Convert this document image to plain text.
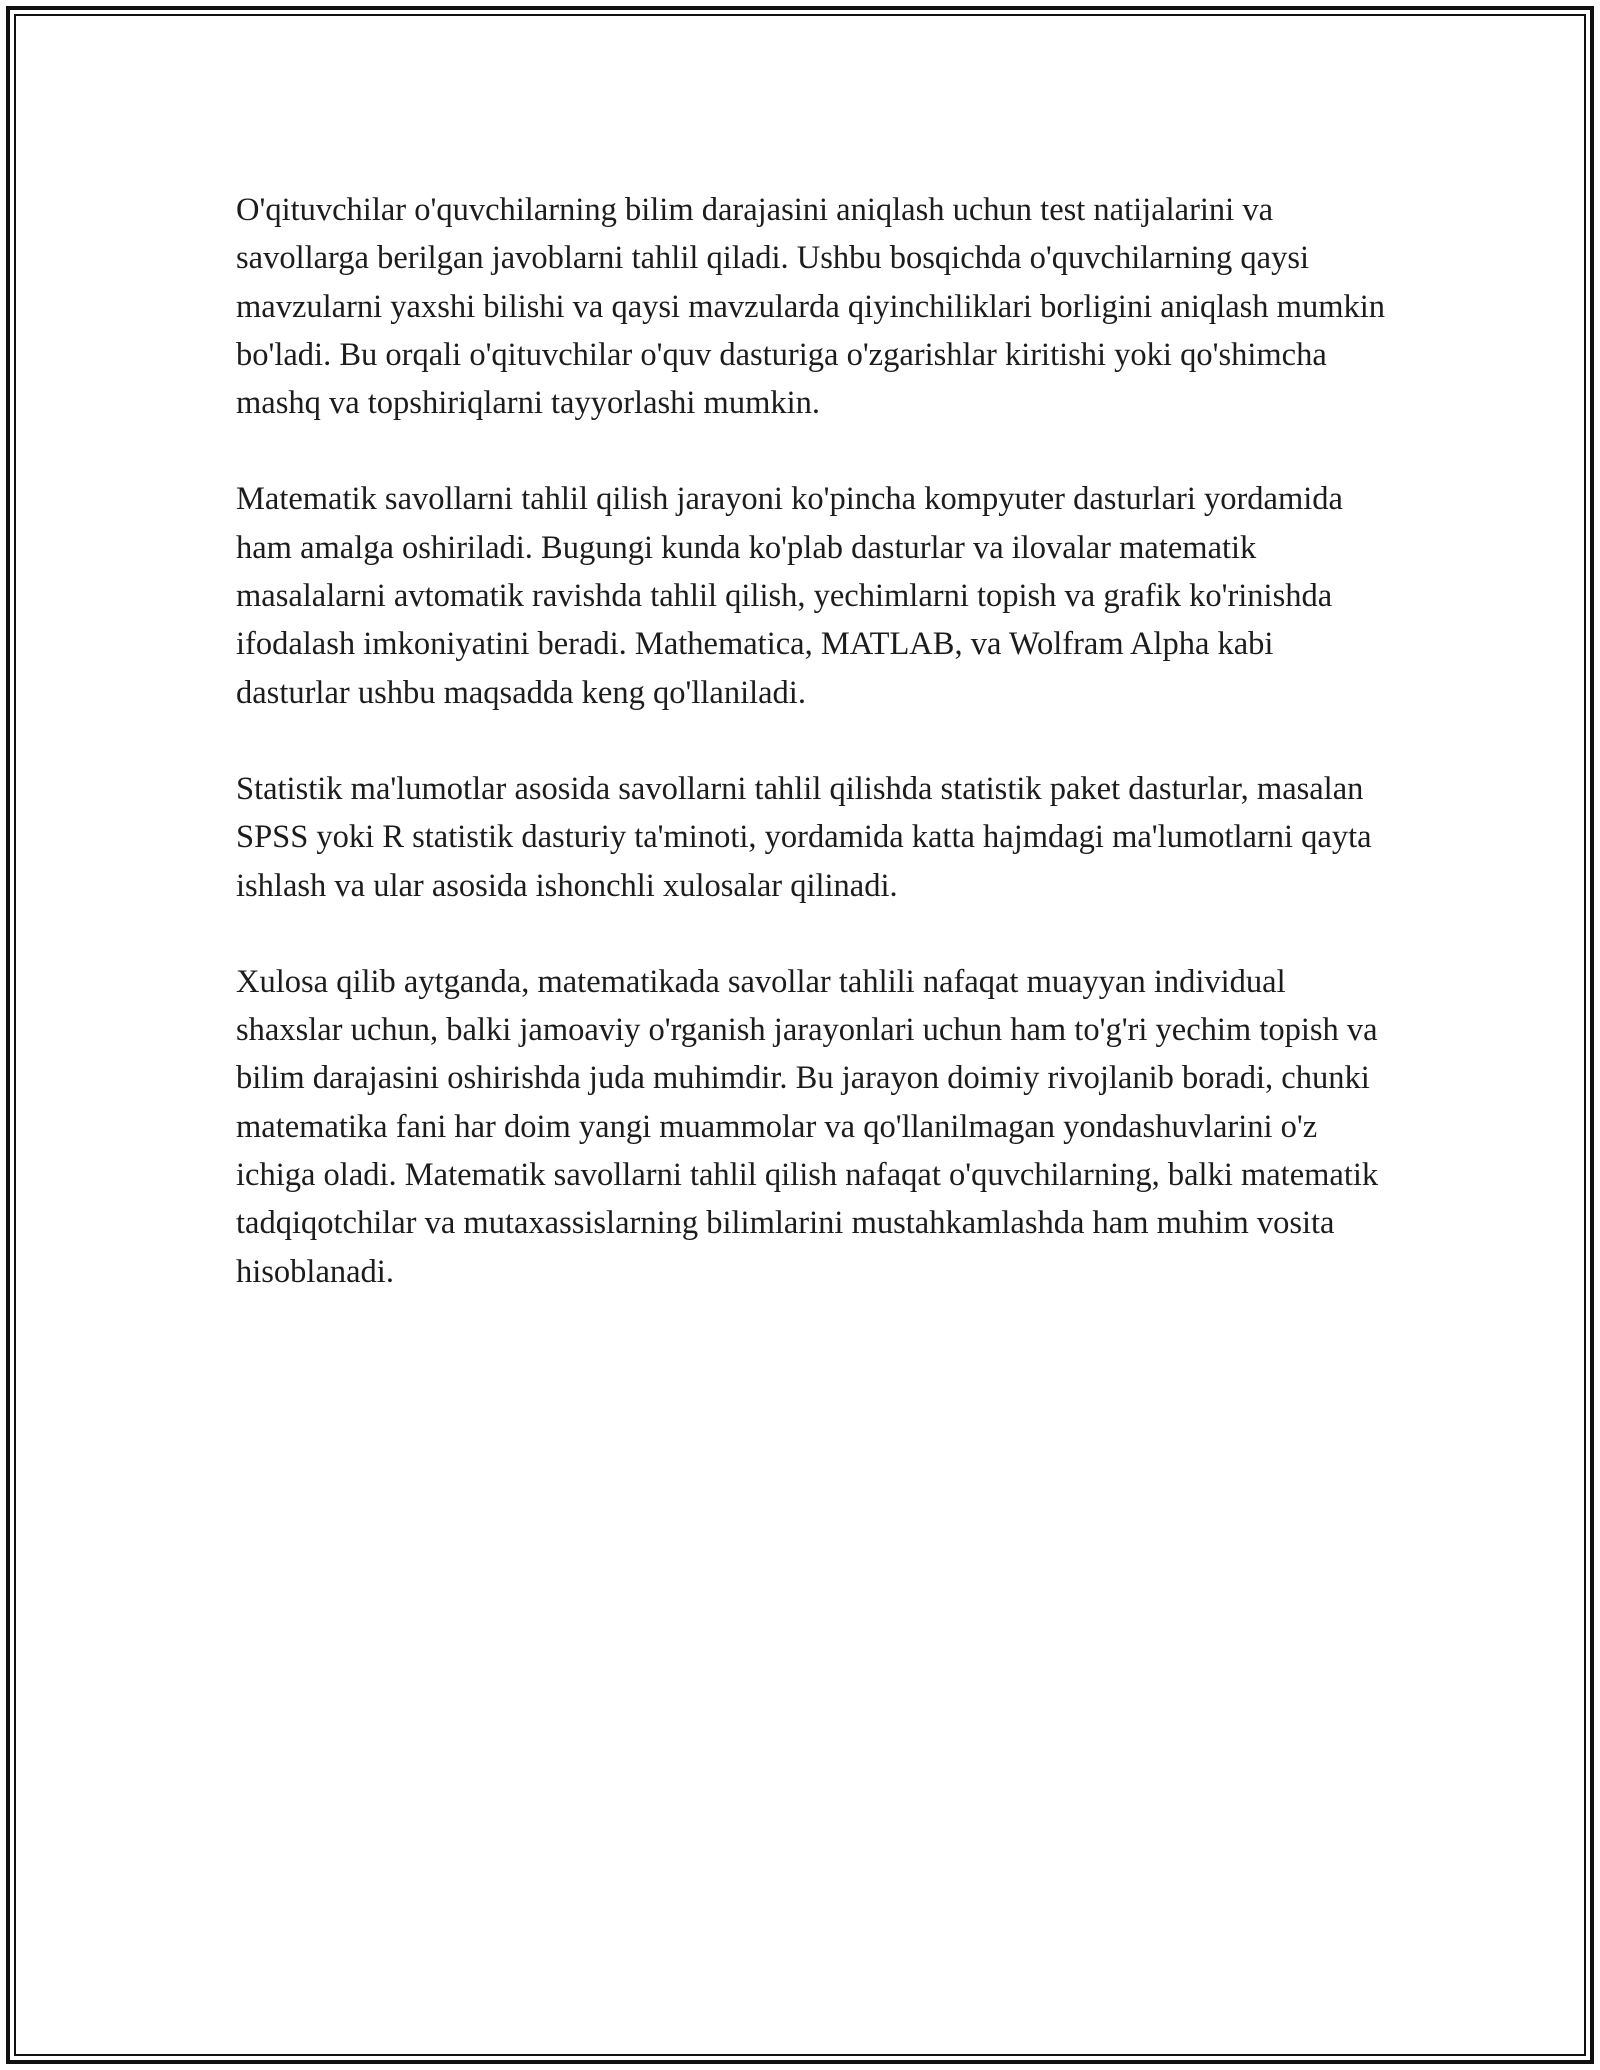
O'qituvchilar o'quvchilarning bilim darajasini aniqlash uchun test natijalarini va savollarga berilgan javoblarni tahlil qiladi. Ushbu bosqichda o'quvchilarning qaysi mavzularni yaxshi bilishi va qaysi mavzularda qiyinchiliklari borligini aniqlash mumkin bo'ladi. Bu orqali o'qituvchilar o'quv dasturiga o'zgarishlar kiritishi yoki qo'shimcha mashq va topshiriqlarni tayyorlashi mumkin.

Matematik savollarni tahlil qilish jarayoni ko'pincha kompyuter dasturlari yordamida ham amalga oshiriladi. Bugungi kunda ko'plab dasturlar va ilovalar matematik masalalarni avtomatik ravishda tahlil qilish, yechimlarni topish va grafik ko'rinishda ifodalash imkoniyatini beradi. Mathematica, MATLAB, va Wolfram Alpha kabi dasturlar ushbu maqsadda keng qo'llaniladi.

Statistik ma'lumotlar asosida savollarni tahlil qilishda statistik paket dasturlar, masalan SPSS yoki R statistik dasturiy ta'minoti, yordamida katta hajmdagi ma'lumotlarni qayta ishlash va ular asosida ishonchli xulosalar qilinadi.

Xulosa qilib aytganda, matematikada savollar tahlili nafaqat muayyan individual shaxslar uchun, balki jamoaviy o'rganish jarayonlari uchun ham to'g'ri yechim topish va bilim darajasini oshirishda juda muhimdir. Bu jarayon doimiy rivojlanib boradi, chunki matematika fani har doim yangi muammolar va qo'llanilmagan yondashuvlarini o'z ichiga oladi. Matematik savollarni tahlil qilish nafaqat o'quvchilarning, balki matematik tadqiqotchilar va mutaxassislarning bilimlarini mustahkamlashda ham muhim vosita hisoblanadi.
